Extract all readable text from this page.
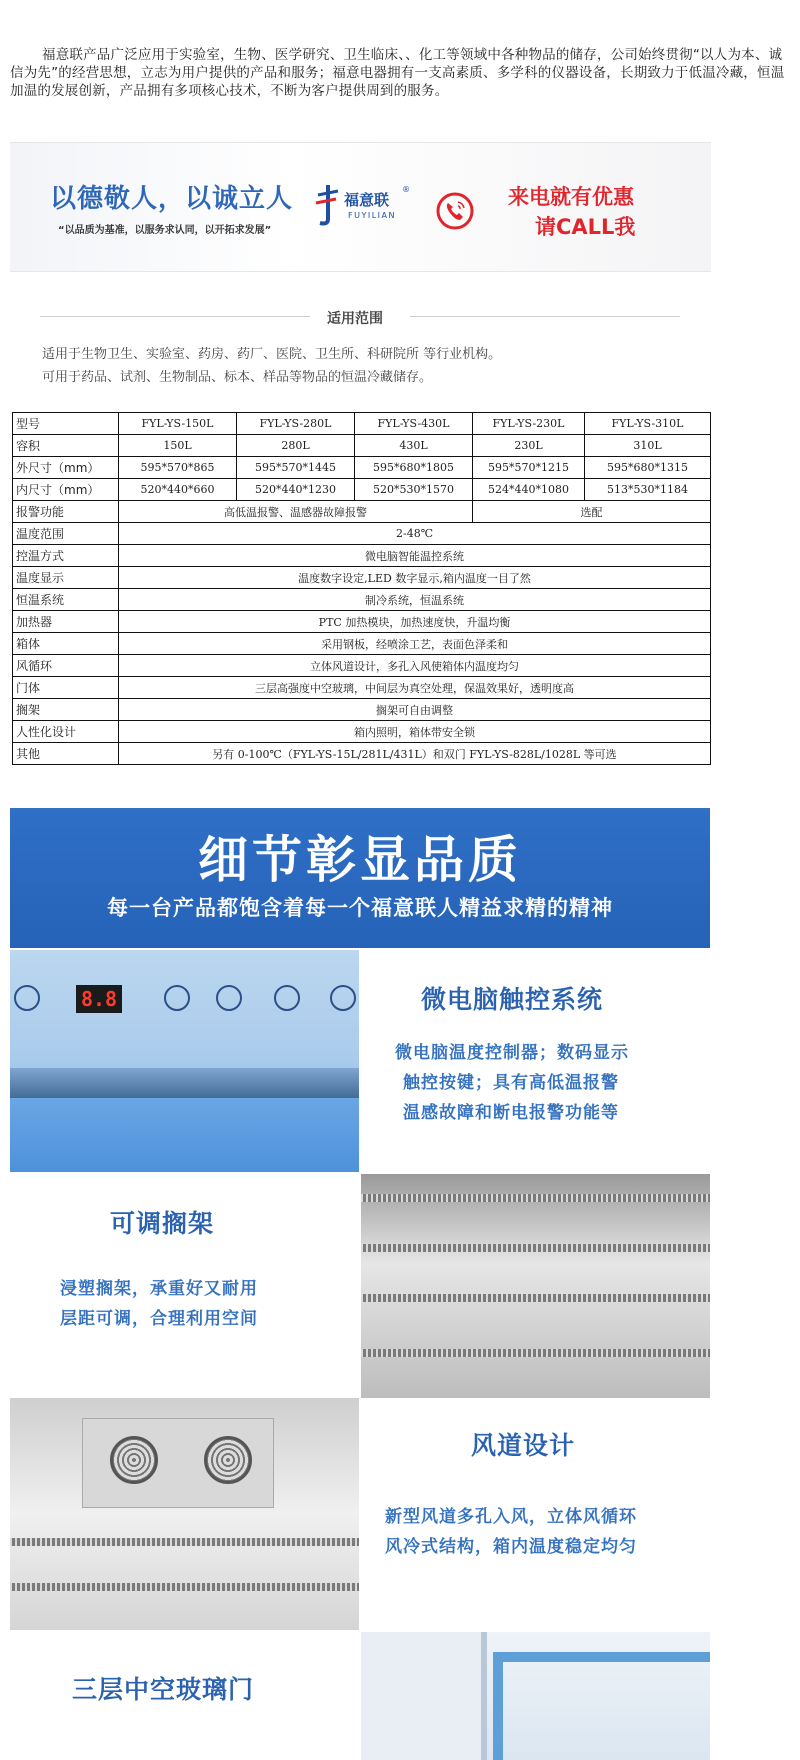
福意联产品广泛应用于实验室，生物、医学研究、卫生临床、、化工等领域中各种物品的储存，公司始终贯彻“以人为本、诚信为先”的经营思想，立志为用户提供的产品和服务；福意电器拥有一支高素质、多学科的仪器设备，长期致力于低温冷藏，恒温加温的发展创新，产品拥有多项核心技术，不断为客户提供周到的服务。
以德敬人，以诚立人
“以品质为基准，以服务求认同，以开拓求发展”
福意联
®
FUYILIAN
来电就有优惠
请CALL我
适用范围
适用于生物卫生、实验室、药房、药厂、医院、卫生所、科研院所 等行业机构。
可用于药品、试剂、生物制品、标本、样品等物品的恒温冷藏储存。
型号	FYL-YS-150L	FYL-YS-280L	FYL-YS-430L	FYL-YS-230L	FYL-YS-310L
容积	150L	280L	430L	230L	310L
外尺寸（mm）	595*570*865	595*570*1445	595*680*1805	595*570*1215	595*680*1315
内尺寸（mm）	520*440*660	520*440*1230	520*530*1570	524*440*1080	513*530*1184
报警功能	高低温报警、温感器故障报警			选配	
温度范围	2-48℃				
控温方式	微电脑智能温控系统				
温度显示	温度数字设定,LED 数字显示,箱内温度一目了然				
恒温系统	制冷系统，恒温系统				
加热器	PTC 加热模块，加热速度快，升温均衡				
箱体	采用钢板，经喷涂工艺，表面色泽柔和				
风循环	立体风道设计，多孔入风使箱体内温度均匀				
门体	三层高强度中空玻璃，中间层为真空处理，保温效果好，透明度高				
搁架	搁架可自由调整				
人性化设计	箱内照明，箱体带安全锁				
其他	另有 0-100℃（FYL-YS-15L/281L/431L）和双门 FYL-YS-828L/1028L 等可选				
细节彰显品质
每一台产品都饱含着每一个福意联人精益求精的精神
8.8	微电脑触控系统
微电脑温度控制器；数码显示
触控按键；具有高低温报警
温感故障和断电报警功能等
可调搁架
浸塑搁架，承重好又耐用
层距可调，合理利用空间
风道设计
新型风道多孔入风，立体风循环
风冷式结构，箱内温度稳定均匀
三层中空玻璃门
